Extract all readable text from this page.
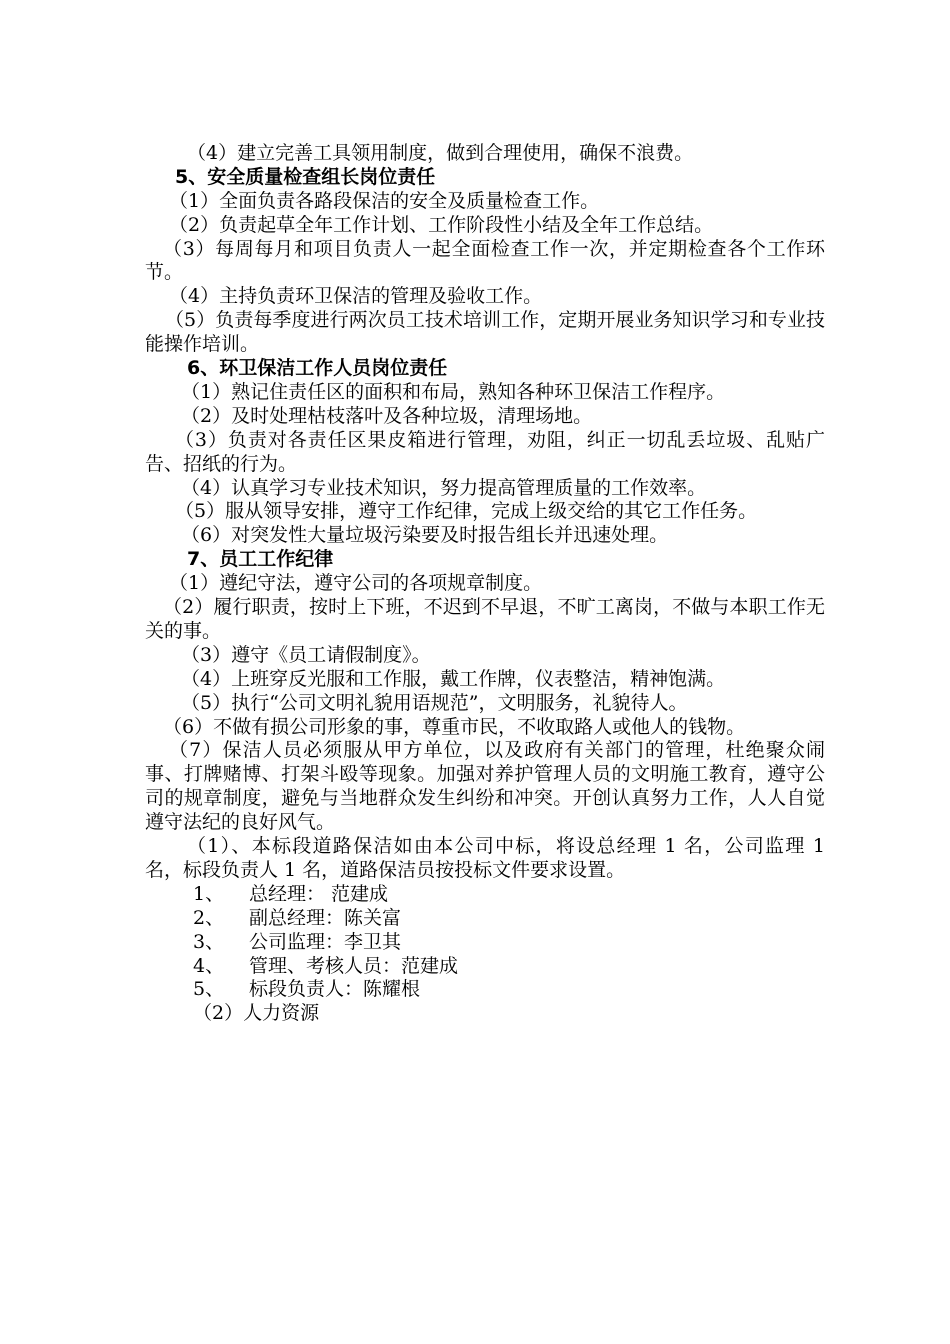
（4）建立完善工具领用制度，做到合理使用，确保不浪费。
5、安全质量检查组长岗位责任
（1）全面负责各路段保洁的安全及质量检查工作。
（2）负责起草全年工作计划、工作阶段性小结及全年工作总结。
（3）每周每月和项目负责人一起全面检查工作一次，并定期检查各个工作环节。
（4）主持负责环卫保洁的管理及验收工作。
（5）负责每季度进行两次员工技术培训工作，定期开展业务知识学习和专业技能操作培训。
6、环卫保洁工作人员岗位责任
（1）熟记住责任区的面积和布局，熟知各种环卫保洁工作程序。
（2）及时处理枯枝落叶及各种垃圾，清理场地。
（3）负责对各责任区果皮箱进行管理，劝阻，纠正一切乱丢垃圾、乱贴广告、招纸的行为。
（4）认真学习专业技术知识，努力提高管理质量的工作效率。
（5）服从领导安排，遵守工作纪律，完成上级交给的其它工作任务。
（6）对突发性大量垃圾污染要及时报告组长并迅速处理。
7、员工工作纪律
（1）遵纪守法，遵守公司的各项规章制度。
（2）履行职责，按时上下班，不迟到不早退，不旷工离岗，不做与本职工作无关的事。
（3）遵守《员工请假制度》。
（4）上班穿反光服和工作服，戴工作牌，仪表整洁，精神饱满。
（5）执行“公司文明礼貌用语规范”，文明服务，礼貌待人。
（6）不做有损公司形象的事，尊重市民，不收取路人或他人的钱物。
（7）保洁人员必须服从甲方单位，以及政府有关部门的管理，杜绝聚众闹事、打牌赌博、打架斗殴等现象。加强对养护管理人员的文明施工教育，遵守公司的规章制度，避免与当地群众发生纠纷和冲突。开创认真努力工作，人人自觉遵守法纪的良好风气。
（1）、本标段道路保洁如由本公司中标，将设总经理 1 名，公司监理 1 名，标段负责人 1 名，道路保洁员按投标文件要求设置。
1、	总经理： 范建成
2、	副总经理：陈关富
3、	公司监理：李卫其
4、	管理、考核人员：范建成
5、	标段负责人：陈耀根
（2）人力资源
